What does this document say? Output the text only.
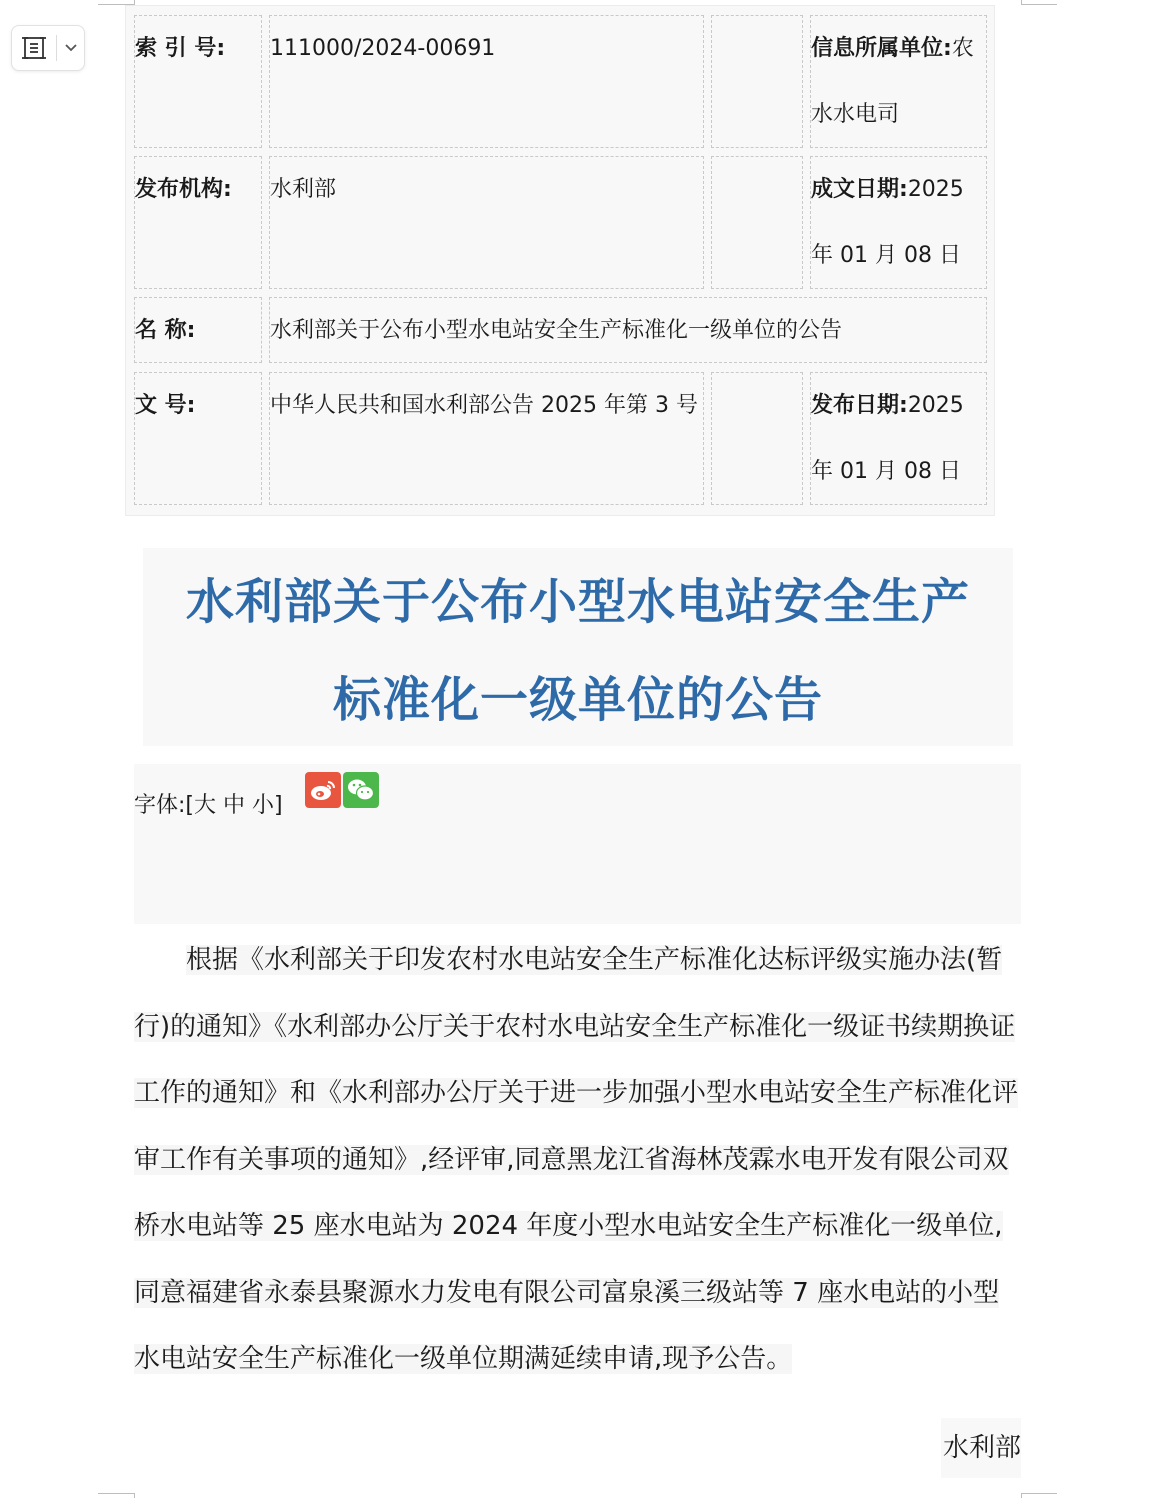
索 引 号:	111000/2024-00691	信息所属单位:农水水电司
发布机构:	水利部	成文日期:2025 年 01 月 08 日
名 称:	水利部关于公布小型水电站安全生产标准化一级单位的公告
文 号:	中华人民共和国水利部公告 2025 年第 3 号	发布日期:2025 年 01 月 08 日
水利部关于公布小型水电站安全生产
标准化一级单位的公告
字体:[大 中 小]

根据《水利部关于印发农村水电站安全生产标准化达标评级实施办法(暂行)的通知》《水利部办公厅关于农村水电站安全生产标准化一级证书续期换证工作的通知》和《水利部办公厅关于进一步加强小型水电站安全生产标准化评审工作有关事项的通知》,经评审,同意黑龙江省海林茂霖水电开发有限公司双桥水电站等 25 座水电站为 2024 年度小型水电站安全生产标准化一级单位,同意福建省永泰县聚源水力发电有限公司富泉溪三级站等 7 座水电站的小型水电站安全生产标准化一级单位期满延续申请,现予公告。

水利部
